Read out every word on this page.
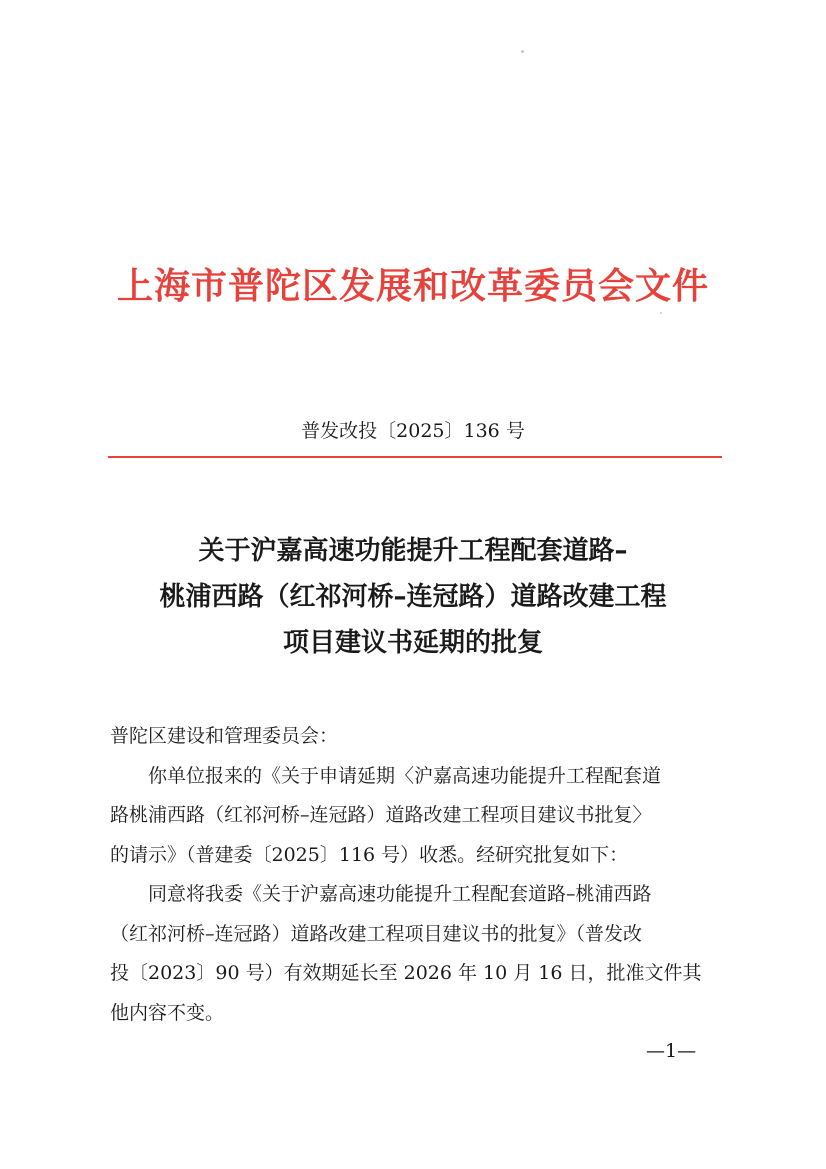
上海市普陀区发展和改革委员会文件
普发改投〔2025〕136 号
关于沪嘉高速功能提升工程配套道路–
桃浦西路（红祁河桥–连冠路）道路改建工程
项目建议书延期的批复
普陀区建设和管理委员会：
你单位报来的《关于申请延期〈沪嘉高速功能提升工程配套道
路桃浦西路（红祁河桥–连冠路）道路改建工程项目建议书批复〉
的请示》（普建委〔2025〕116 号）收悉。经研究批复如下：
同意将我委《关于沪嘉高速功能提升工程配套道路–桃浦西路
（红祁河桥–连冠路）道路改建工程项目建议书的批复》（普发改
投〔2023〕90 号）有效期延长至 2026 年 10 月 16 日，批准文件其
他内容不变。
—1—
